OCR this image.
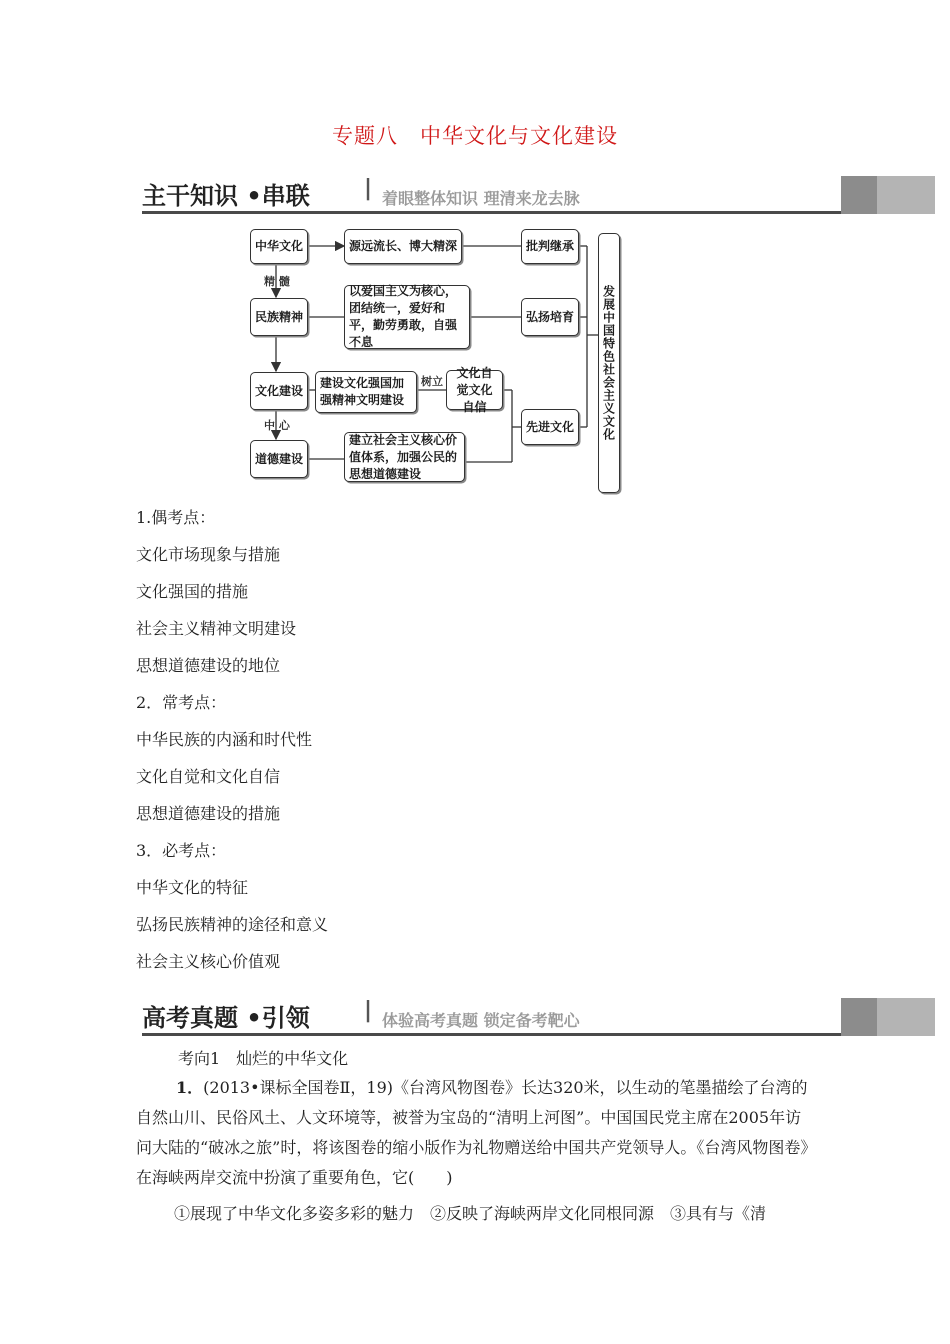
专题八　中华文化与文化建设
主干知识 •串联 | 着眼整体知识 理清来龙去脉
中华文化	源远流长、博大精深	批判继承
精 髓
民族精神
以爱国主义为核心，团结统一，爱好和平，勤劳勇敢，自强不息
弘扬培育
文化建设
建设文化强国加强精神文明建设
树立
文化自觉文化自信
先进文化
中 心
道德建设
建立社会主义核心价值体系，加强公民的思想道德建设
发展中国特色社会主义文化
1.偶考点：
文化市场现象与措施
文化强国的措施
社会主义精神文明建设
思想道德建设的地位
2．常考点：
中华民族的内涵和时代性
文化自觉和文化自信
思想道德建设的措施
3．必考点：
中华文化的特征
弘扬民族精神的途径和意义
社会主义核心价值观
高考真题 •引领 | 体验高考真题 锁定备考靶心
考向1　灿烂的中华文化
1．(2013•课标全国卷Ⅱ，19)《台湾风物图卷》长达320米，以生动的笔墨描绘了台湾的自然山川、民俗风土、人文环境等，被誉为宝岛的“清明上河图”。中国国民党主席在2005年访问大陆的“破冰之旅”时，将该图卷的缩小版作为礼物赠送给中国共产党领导人。《台湾风物图卷》在海峡两岸交流中扮演了重要角色，它(　　)
①展现了中华文化多姿多彩的魅力　②反映了海峡两岸文化同根同源　③具有与《清
